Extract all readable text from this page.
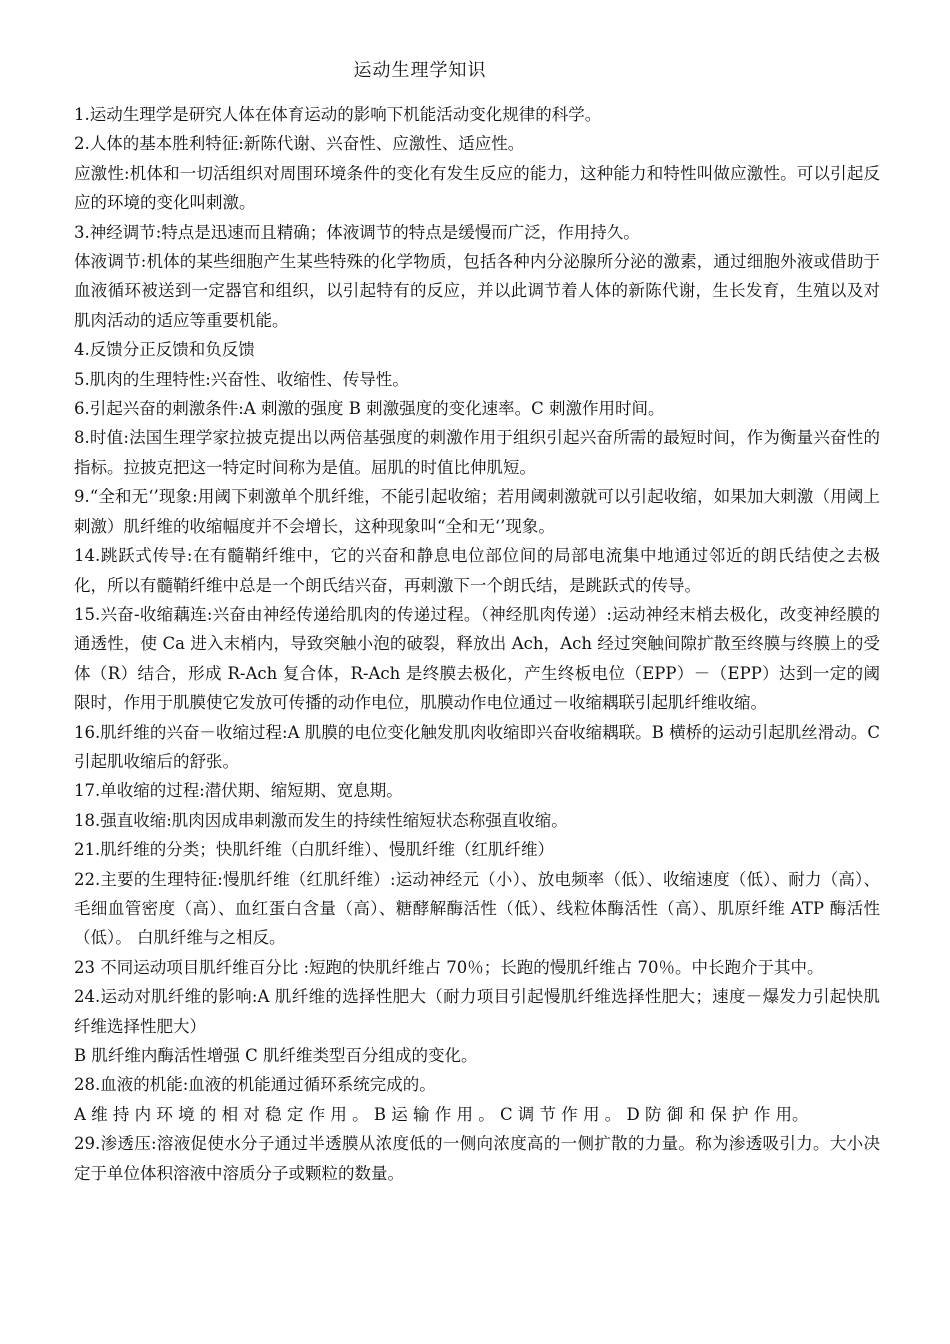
运动生理学知识

1.运动生理学是研究人体在体育运动的影响下机能活动变化规律的科学。

2.人体的基本胜利特征:新陈代谢、兴奋性、应激性、适应性。

应激性:机体和一切活组织对周围环境条件的变化有发生反应的能力，这种能力和特性叫做应激性。可以引起反应的环境的变化叫刺激。

3.神经调节:特点是迅速而且精确；体液调节的特点是缓慢而广泛，作用持久。

体液调节:机体的某些细胞产生某些特殊的化学物质，包括各种内分泌腺所分泌的激素，通过细胞外液或借助于血液循环被送到一定器官和组织，以引起特有的反应，并以此调节着人体的新陈代谢，生长发育，生殖以及对肌肉活动的适应等重要机能。

4.反馈分正反馈和负反馈

5.肌肉的生理特性:兴奋性、收缩性、传导性。

6.引起兴奋的刺激条件:A 刺激的强度 B 刺激强度的变化速率。C 刺激作用时间。

8.时值:法国生理学家拉披克提出以两倍基强度的刺激作用于组织引起兴奋所需的最短时间，作为衡量兴奋性的指标。拉披克把这一特定时间称为是值。屈肌的时值比伸肌短。

9.“全和无‘’现象:用阈下刺激单个肌纤维，不能引起收缩；若用阈刺激就可以引起收缩，如果加大刺激（用阈上刺激）肌纤维的收缩幅度并不会增长，这种现象叫“全和无‘’现象。

14.跳跃式传导:在有髓鞘纤维中，它的兴奋和静息电位部位间的局部电流集中地通过邻近的朗氏结使之去极化，所以有髓鞘纤维中总是一个朗氏结兴奋，再刺激下一个朗氏结，是跳跃式的传导。

15.兴奋-收缩藕连:兴奋由神经传递给肌肉的传递过程。（神经肌肉传递）:运动神经末梢去极化，改变神经膜的通透性，使 Ca 进入末梢内，导致突触小泡的破裂，释放出 Ach，Ach 经过突触间隙扩散至终膜与终膜上的受体（R）结合，形成 R-Ach 复合体，R-Ach 是终膜去极化，产生终板电位（EPP）－（EPP）达到一定的阈限时，作用于肌膜使它发放可传播的动作电位，肌膜动作电位通过－收缩耦联引起肌纤维收缩。

16.肌纤维的兴奋－收缩过程:A 肌膜的电位变化触发肌肉收缩即兴奋收缩耦联。B 横桥的运动引起肌丝滑动。C 引起肌收缩后的舒张。

17.单收缩的过程:潜伏期、缩短期、宽息期。

18.强直收缩:肌肉因成串刺激而发生的持续性缩短状态称强直收缩。

21.肌纤维的分类；快肌纤维（白肌纤维）、慢肌纤维（红肌纤维）

22.主要的生理特征:慢肌纤维（红肌纤维）:运动神经元（小）、放电频率（低）、收缩速度（低）、耐力（高）、毛细血管密度（高）、血红蛋白含量（高）、糖酵解酶活性（低）、线粒体酶活性（高）、肌原纤维 ATP 酶活性（低）。 白肌纤维与之相反。

23 不同运动项目肌纤维百分比 :短跑的快肌纤维占 70％；长跑的慢肌纤维占 70％。中长跑介于其中。

24.运动对肌纤维的影响:A 肌纤维的选择性肥大（耐力项目引起慢肌纤维选择性肥大；速度－爆发力引起快肌纤维选择性肥大）

B 肌纤维内酶活性增强 C 肌纤维类型百分组成的变化。

28.血液的机能:血液的机能通过循环系统完成的。

A 维 持 内 环 境 的 相 对 稳 定 作 用 。 B 运 输 作 用 。 C 调 节 作 用 。 D 防 御 和 保 护 作 用。

29.渗透压:溶液促使水分子通过半透膜从浓度低的一侧向浓度高的一侧扩散的力量。称为渗透吸引力。大小决定于单位体积溶液中溶质分子或颗粒的数量。
